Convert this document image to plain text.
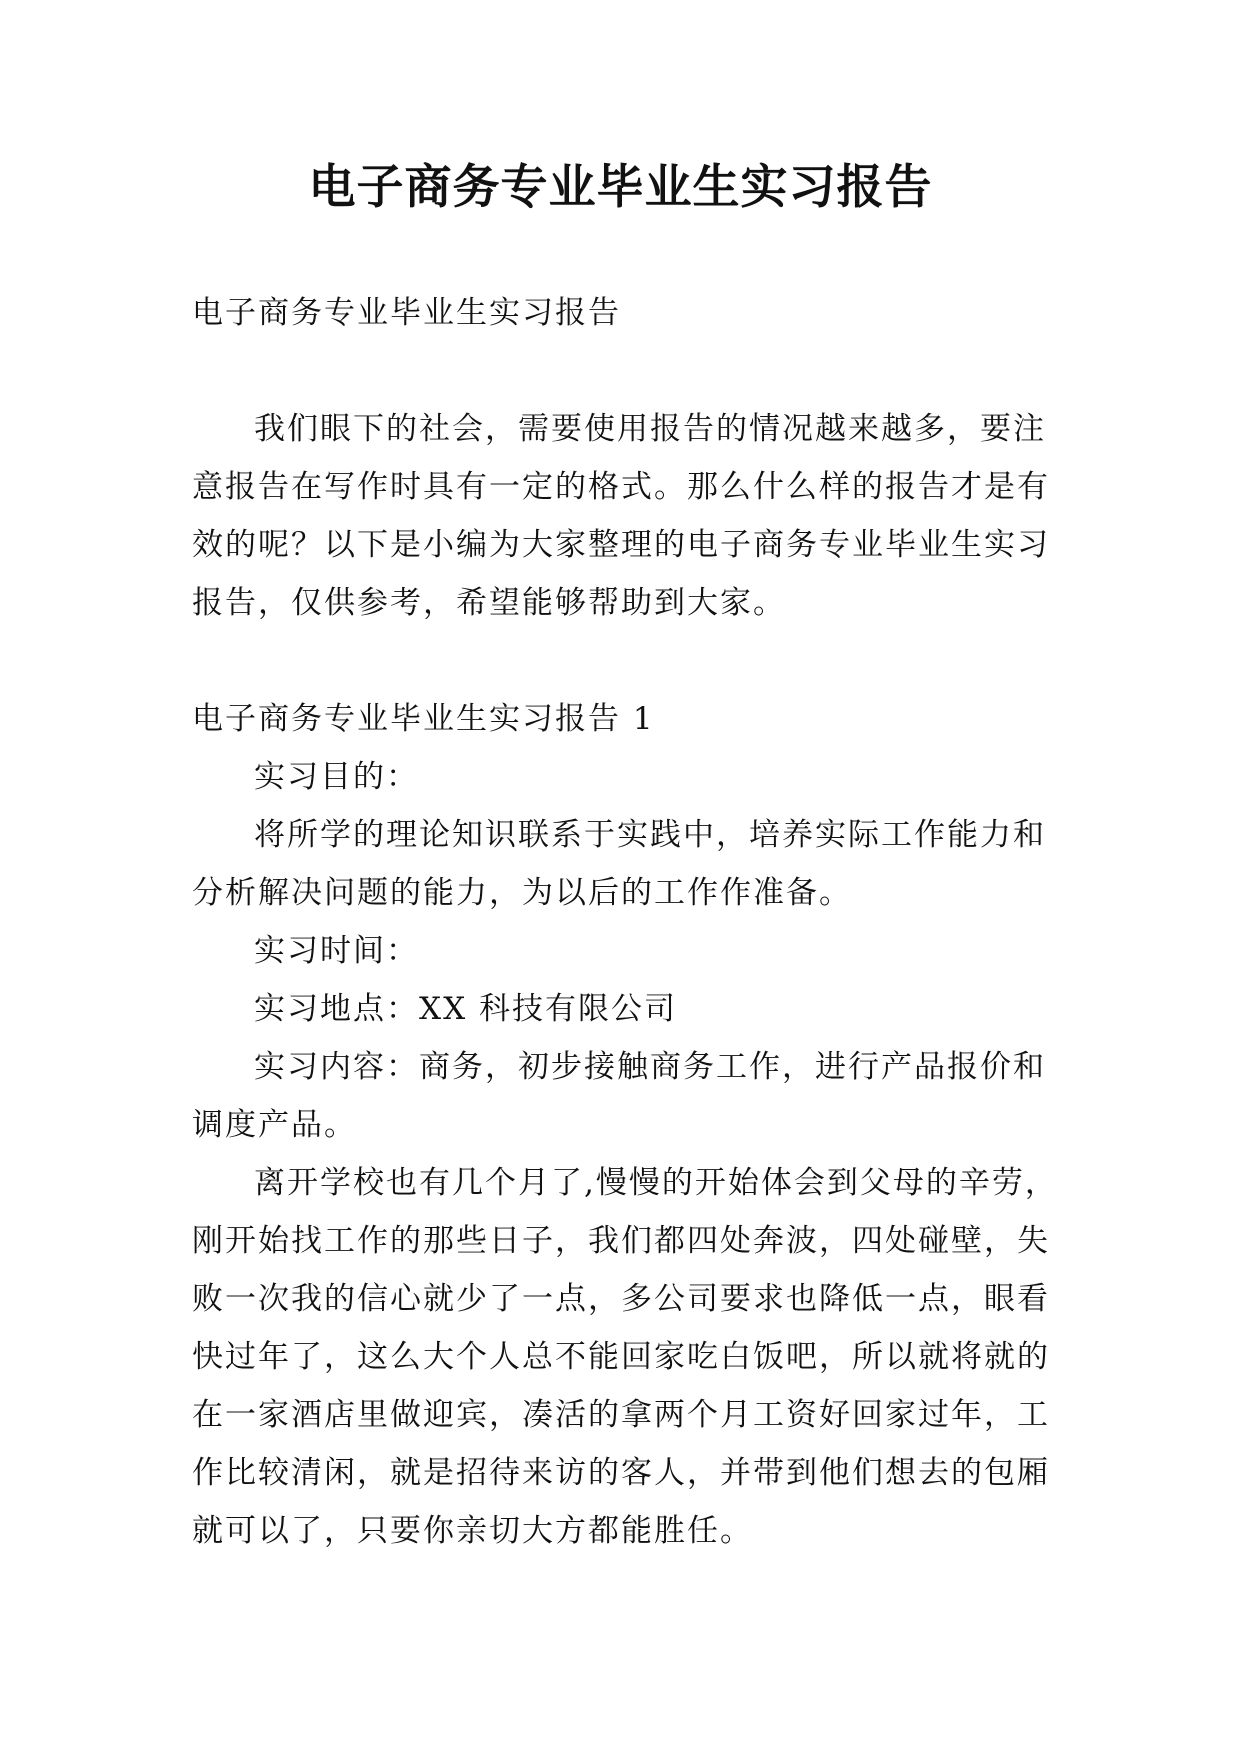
电子商务专业毕业生实习报告

电子商务专业毕业生实习报告

我们眼下的社会，需要使用报告的情况越来越多，要注意报告在写作时具有一定的格式。那么什么样的报告才是有效的呢？以下是小编为大家整理的电子商务专业毕业生实习报告，仅供参考，希望能够帮助到大家。

电子商务专业毕业生实习报告 1

实习目的：

将所学的理论知识联系于实践中，培养实际工作能力和分析解决问题的能力，为以后的工作作准备。

实习时间：

实习地点：XX 科技有限公司

实习内容：商务，初步接触商务工作，进行产品报价和调度产品。

离开学校也有几个月了,慢慢的开始体会到父母的辛劳，刚开始找工作的那些日子，我们都四处奔波，四处碰壁，失败一次我的信心就少了一点，多公司要求也降低一点，眼看快过年了，这么大个人总不能回家吃白饭吧，所以就将就的在一家酒店里做迎宾，凑活的拿两个月工资好回家过年，工作比较清闲，就是招待来访的客人，并带到他们想去的包厢就可以了，只要你亲切大方都能胜任。
